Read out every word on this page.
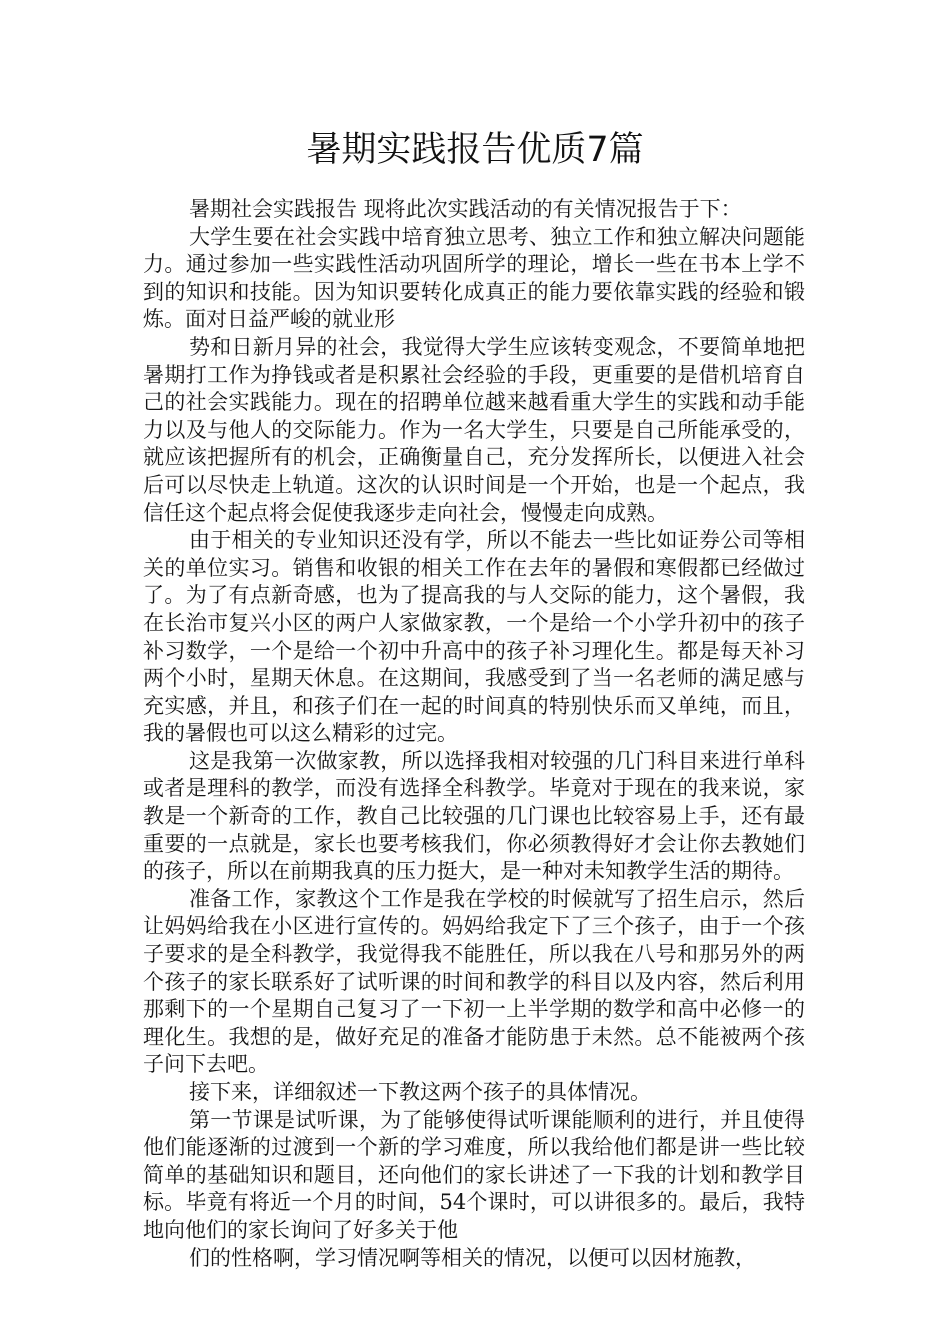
暑期实践报告优质7篇

暑期社会实践报告 现将此次实践活动的有关情况报告于下：

大学生要在社会实践中培育独立思考、独立工作和独立解决问题能力。通过参加一些实践性活动巩固所学的理论，增长一些在书本上学不到的知识和技能。因为知识要转化成真正的能力要依靠实践的经验和锻炼。面对日益严峻的就业形

势和日新月异的社会，我觉得大学生应该转变观念，不要简单地把暑期打工作为挣钱或者是积累社会经验的手段，更重要的是借机培育自己的社会实践能力。现在的招聘单位越来越看重大学生的实践和动手能力以及与他人的交际能力。作为一名大学生，只要是自己所能承受的，就应该把握所有的机会，正确衡量自己，充分发挥所长，以便进入社会后可以尽快走上轨道。这次的认识时间是一个开始，也是一个起点，我信任这个起点将会促使我逐步走向社会，慢慢走向成熟。

由于相关的专业知识还没有学，所以不能去一些比如证券公司等相关的单位实习。销售和收银的相关工作在去年的暑假和寒假都已经做过了。为了有点新奇感，也为了提高我的与人交际的能力，这个暑假，我在长治市复兴小区的两户人家做家教，一个是给一个小学升初中的孩子补习数学，一个是给一个初中升高中的孩子补习理化生。都是每天补习两个小时，星期天休息。在这期间，我感受到了当一名老师的满足感与充实感，并且，和孩子们在一起的时间真的特别快乐而又单纯，而且，我的暑假也可以这么精彩的过完。

这是我第一次做家教，所以选择我相对较强的几门科目来进行单科或者是理科的教学，而没有选择全科教学。毕竟对于现在的我来说，家教是一个新奇的工作，教自己比较强的几门课也比较容易上手，还有最重要的一点就是，家长也要考核我们，你必须教得好才会让你去教她们的孩子，所以在前期我真的压力挺大，是一种对未知教学生活的期待。

准备工作，家教这个工作是我在学校的时候就写了招生启示，然后让妈妈给我在小区进行宣传的。妈妈给我定下了三个孩子，由于一个孩子要求的是全科教学，我觉得我不能胜任，所以我在八号和那另外的两个孩子的家长联系好了试听课的时间和教学的科目以及内容，然后利用那剩下的一个星期自己复习了一下初一上半学期的数学和高中必修一的理化生。我想的是，做好充足的准备才能防患于未然。总不能被两个孩子问下去吧。

接下来，详细叙述一下教这两个孩子的具体情况。

第一节课是试听课，为了能够使得试听课能顺利的进行，并且使得他们能逐渐的过渡到一个新的学习难度，所以我给他们都是讲一些比较简单的基础知识和题目，还向他们的家长讲述了一下我的计划和教学目标。毕竟有将近一个月的时间，54个课时，可以讲很多的。最后，我特地向他们的家长询问了好多关于他

们的性格啊，学习情况啊等相关的情况，以便可以因材施教，
